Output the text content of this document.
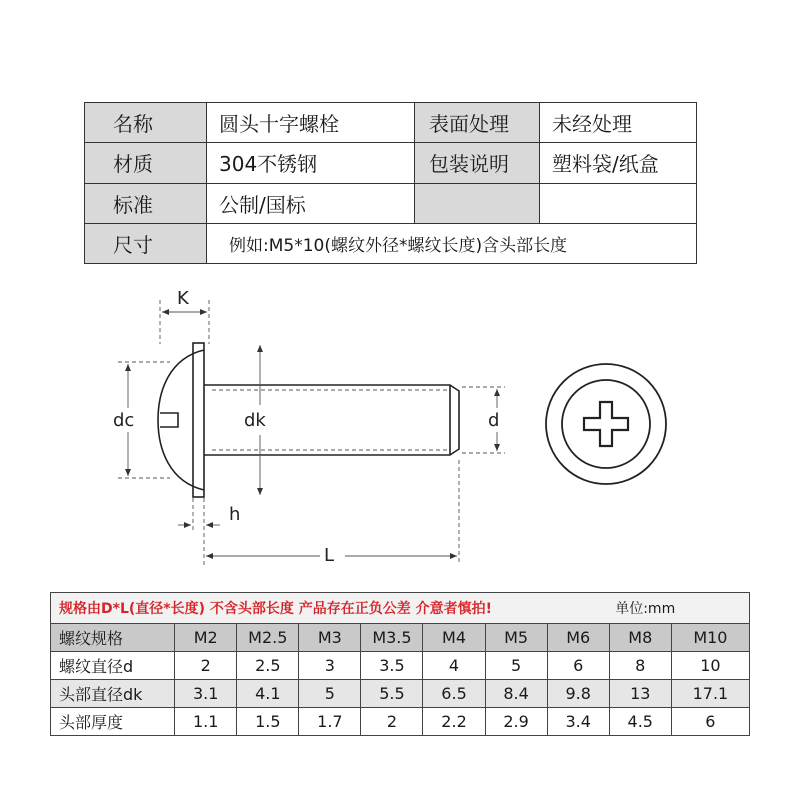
名称	圆头十字螺栓	表面处理	未经处理
材质	304不锈钢	包装说明	塑料袋/纸盒
标准	公制/国标		
尺寸	例如:M5*10(螺纹外径*螺纹长度)含头部长度		
K
dc	dk	d
h
L
规格由D*L(直径*长度) 不含头部长度 产品存在正负公差 介意者慎拍!								单位:mm	
螺纹规格	M2	M2.5	M3	M3.5	M4	M5	M6	M8	M10
螺纹直径d	2	2.5	3	3.5	4	5	6	8	10
头部直径dk	3.1	4.1	5	5.5	6.5	8.4	9.8	13	17.1
头部厚度	1.1	1.5	1.7	2	2.2	2.9	3.4	4.5	6
